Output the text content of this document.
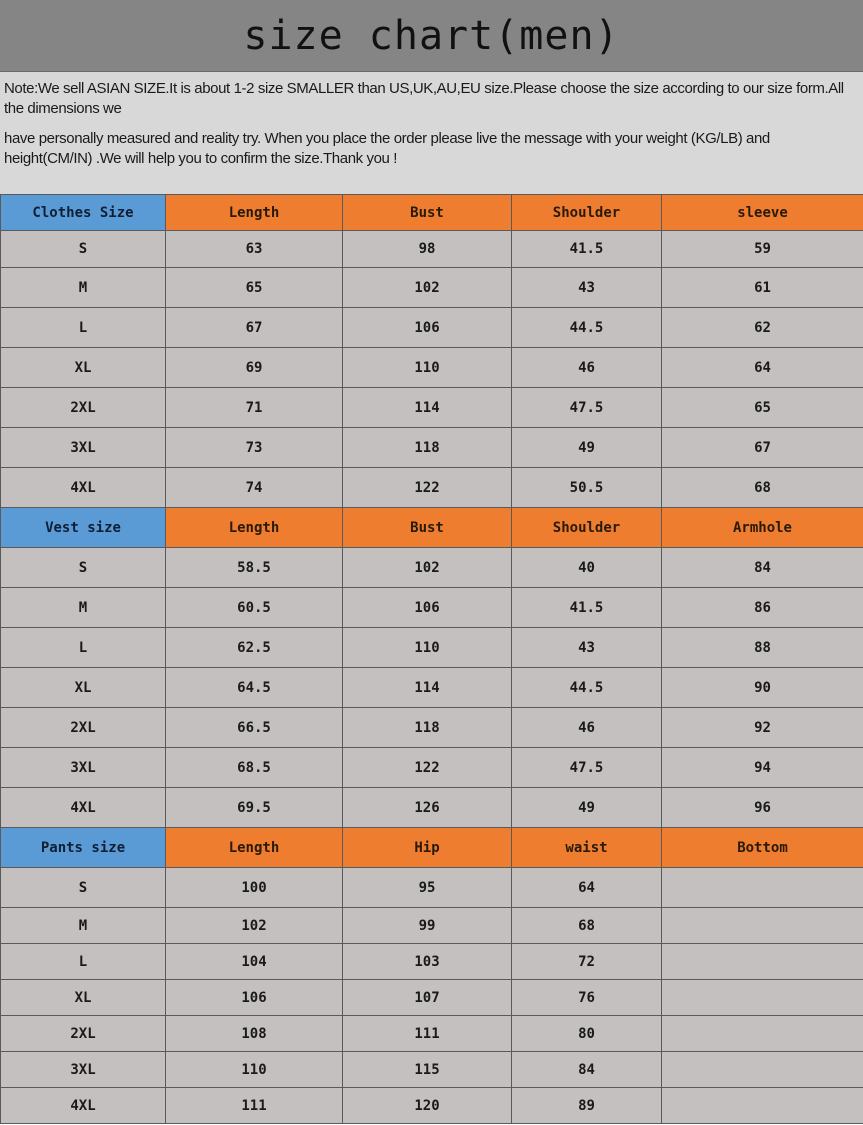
size chart(men)

Note:We sell ASIAN SIZE.It is about 1-2 size SMALLER than US,UK,AU,EU size.Please choose the size according to our size form.All the dimensions we

have personally measured and reality try. When you place the order please live the message with your weight (KG/LB) and height(CM/IN) .We will help you to confirm the size.Thank you !

Clothes Size	Length	Bust	Shoulder	sleeve
S	63	98	41.5	59
M	65	102	43	61
L	67	106	44.5	62
XL	69	110	46	64
2XL	71	114	47.5	65
3XL	73	118	49	67
4XL	74	122	50.5	68
Vest size	Length	Bust	Shoulder	Armhole
S	58.5	102	40	84
M	60.5	106	41.5	86
L	62.5	110	43	88
XL	64.5	114	44.5	90
2XL	66.5	118	46	92
3XL	68.5	122	47.5	94
4XL	69.5	126	49	96
Pants size	Length	Hip	waist	Bottom
S	100	95	64	
M	102	99	68	
L	104	103	72	
XL	106	107	76	
2XL	108	111	80	
3XL	110	115	84	
4XL	111	120	89	
